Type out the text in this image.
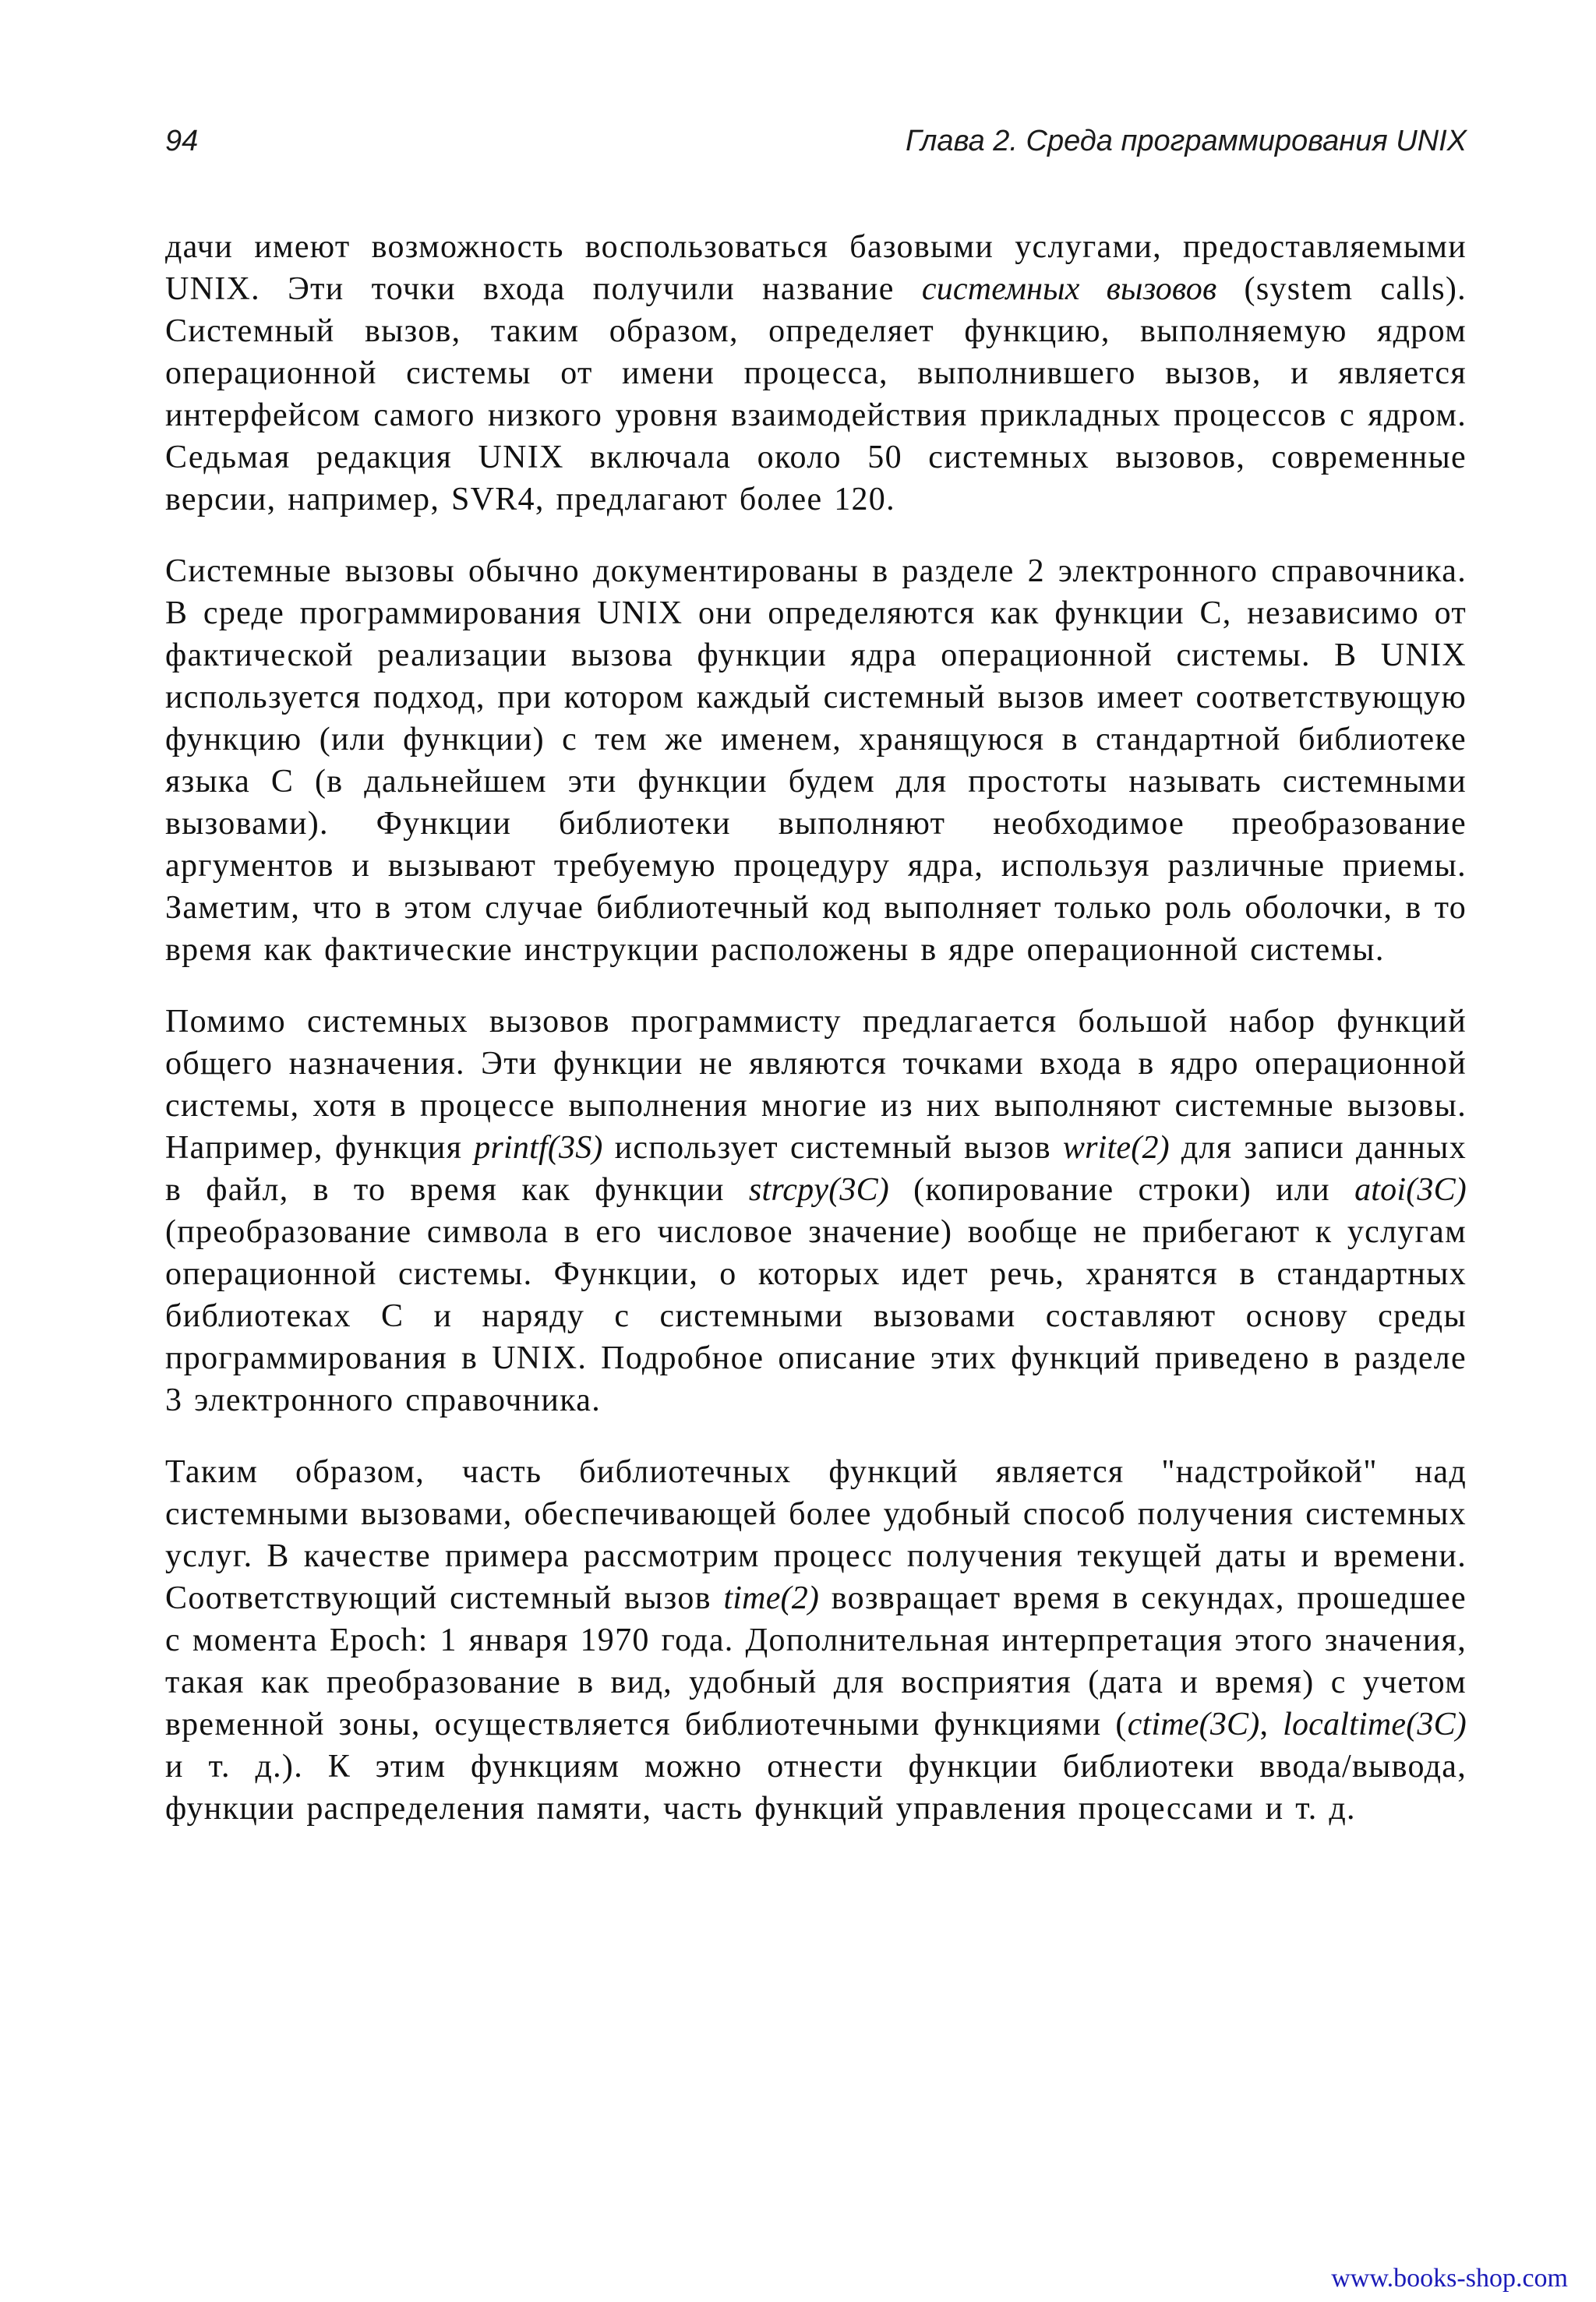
94	Глава 2. Среда программирования UNIX

дачи имеют возможность воспользоваться базовыми услугами, предоставляемыми UNIX. Эти точки входа получили название системных вызовов (system calls). Системный вызов, таким образом, определяет функцию, выполняемую ядром операционной системы от имени процесса, выполнившего вызов, и является интерфейсом самого низкого уровня взаимодействия прикладных процессов с ядром. Седьмая редакция UNIX включала около 50 системных вызовов, современные версии, например, SVR4, предлагают более 120.

Системные вызовы обычно документированы в разделе 2 электронного справочника. В среде программирования UNIX они определяются как функции С, независимо от фактической реализации вызова функции ядра операционной системы. В UNIX используется подход, при котором каждый системный вызов имеет соответствующую функцию (или функции) с тем же именем, хранящуюся в стандартной библиотеке языка С (в дальнейшем эти функции будем для простоты называть системными вызовами). Функции библиотеки выполняют необходимое преобразование аргументов и вызывают требуемую процедуру ядра, используя различные приемы. Заметим, что в этом случае библиотечный код выполняет только роль оболочки, в то время как фактические инструкции расположены в ядре операционной системы.

Помимо системных вызовов программисту предлагается большой набор функций общего назначения. Эти функции не являются точками входа в ядро операционной системы, хотя в процессе выполнения многие из них выполняют системные вызовы. Например, функция printf(3S) использует системный вызов write(2) для записи данных в файл, в то время как функции strcpy(3C) (копирование строки) или atoi(3C) (преобразование символа в его числовое значение) вообще не прибегают к услугам операционной системы. Функции, о которых идет речь, хранятся в стандартных библиотеках С и наряду с системными вызовами составляют основу среды программирования в UNIX. Подробное описание этих функций приведено в разделе 3 электронного справочника.

Таким образом, часть библиотечных функций является "надстройкой" над системными вызовами, обеспечивающей более удобный способ получения системных услуг. В качестве примера рассмотрим процесс получения текущей даты и времени. Соответствующий системный вызов time(2) возвращает время в секундах, прошедшее с момента Epoch: 1 января 1970 года. Дополнительная интерпретация этого значения, такая как преобразование в вид, удобный для восприятия (дата и время) с учетом временной зоны, осуществляется библиотечными функциями (ctime(3C), localtime(3C) и т. д.). К этим функциям можно отнести функции библиотеки ввода/вывода, функции распределения памяти, часть функций управления процессами и т. д.

www.books-shop.com
